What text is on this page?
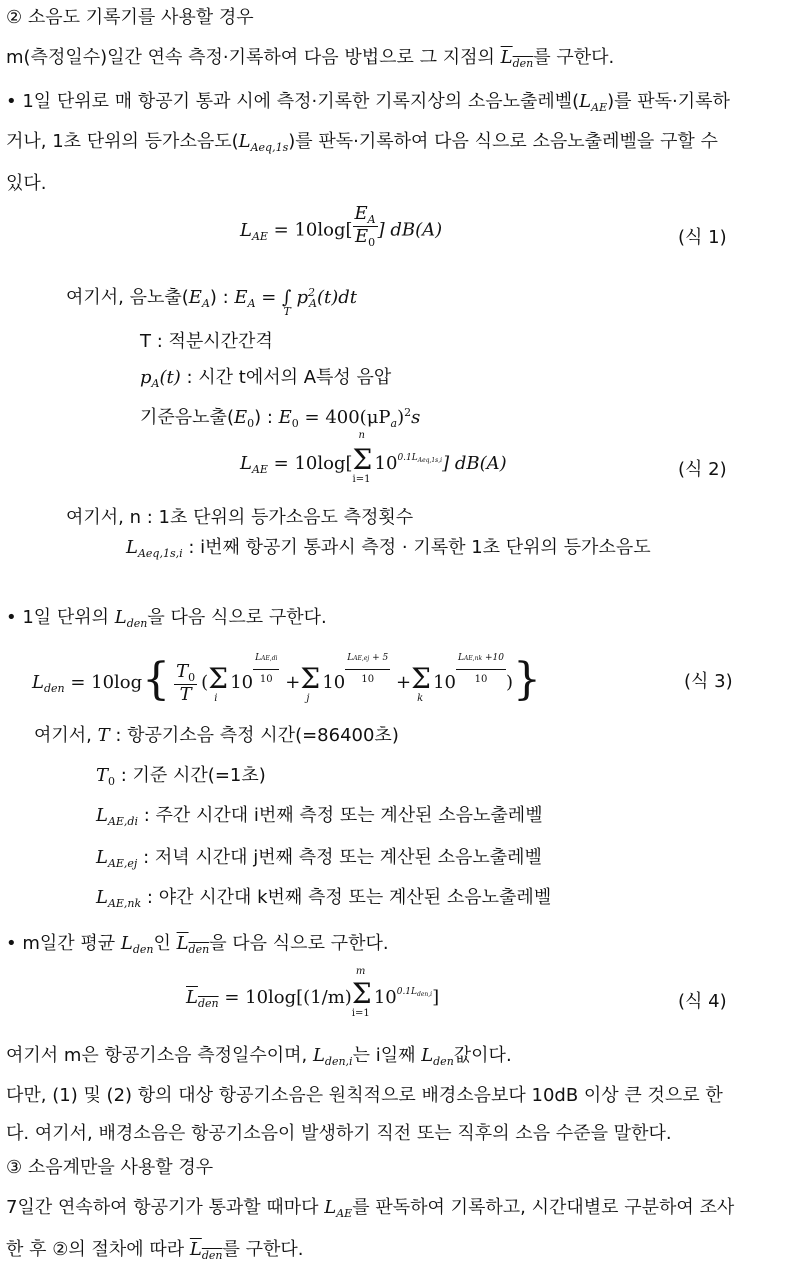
② 소음도 기록기를 사용할 경우
m(측정일수)일간 연속 측정·기록하여 다음 방법으로 그 지점의 $L_{den}$를 구한다.
• 1일 단위로 매 항공기 통과 시에 측정·기록한 기록지상의 소음노출레벨$(L_{AE})$를 판독·기록하
거나, 1초 단위의 등가소음도$(L_{Aeq,1s})$를 판독·기록하여 다음 식으로 소음노출레벨을 구할 수
있다.
$L_{AE} = 10\log[ \frac{E_A}{E_0}$ ] dB(A)	(식 1)
여기서, 음노출$(E_A)$ : $E_A = \int_T$ $p^2_A(t)dt$
T : 적분시간간격
$p_A(t)$ : 시간 t에서의 A특성 음압
기준음노출$(E_0)$ : $E_0 = 400(\mu P_a)^2s$
$L_{AE} = 10\log$[
n
Σ
i=1
$10^{0.1LAeq,1s,i}$] dB(A)	(식 2)
여기서, n : 1초 단위의 등가소음도 측정횟수
$L_{Aeq,1s,i}$ : i번째 항공기 통과시 측정 · 기록한 1초 단위의 등가소음도
• 1일 단위의 $L_{den}$을 다음 식으로 구한다.
$L_{den} = 10\log\{ \frac{T_0}{T} (\Sigma$
i
$10 \frac{\text{LAE,di}}{10} +\Sigma$
j
$10 \frac{\text{LAE,ej + 5}}{10} +\Sigma$
k
$10 \frac{\text{LAE,nk +10}}{10}$ )}	(식 3)
여기서, T : 항공기소음 측정 시간(=86400초)
$T_0$ : 기준 시간(=1초)
$L_{AE,di}$ : 주간 시간대 i번째 측정 또는 계산된 소음노출레벨
$L_{AE,ej}$ : 저녁 시간대 j번째 측정 또는 계산된 소음노출레벨
$L_{AE,nk}$ : 야간 시간대 k번째 측정 또는 계산된 소음노출레벨
• m일간 평균 $L_{den}$인 $L_{den}$을 다음 식으로 구한다.
$L_{den} = 10\log[(1/m)$
m
Σ
i=1
$10^{0.1Lden,i}$]	(식 4)
여기서 m은 항공기소음 측정일수이며, $L_{den,i}$는 i일째 $L_{den}$값이다.
다만, (1) 및 (2) 항의 대상 항공기소음은 원칙적으로 배경소음보다 10dB 이상 큰 것으로 한
다. 여기서, 배경소음은 항공기소음이 발생하기 직전 또는 직후의 소음 수준을 말한다.
③ 소음계만을 사용할 경우
7일간 연속하여 항공기가 통과할 때마다 $L_{AE}$를 판독하여 기록하고, 시간대별로 구분하여 조사
한 후 ②의 절차에 따라 $L_{den}$를 구한다.
